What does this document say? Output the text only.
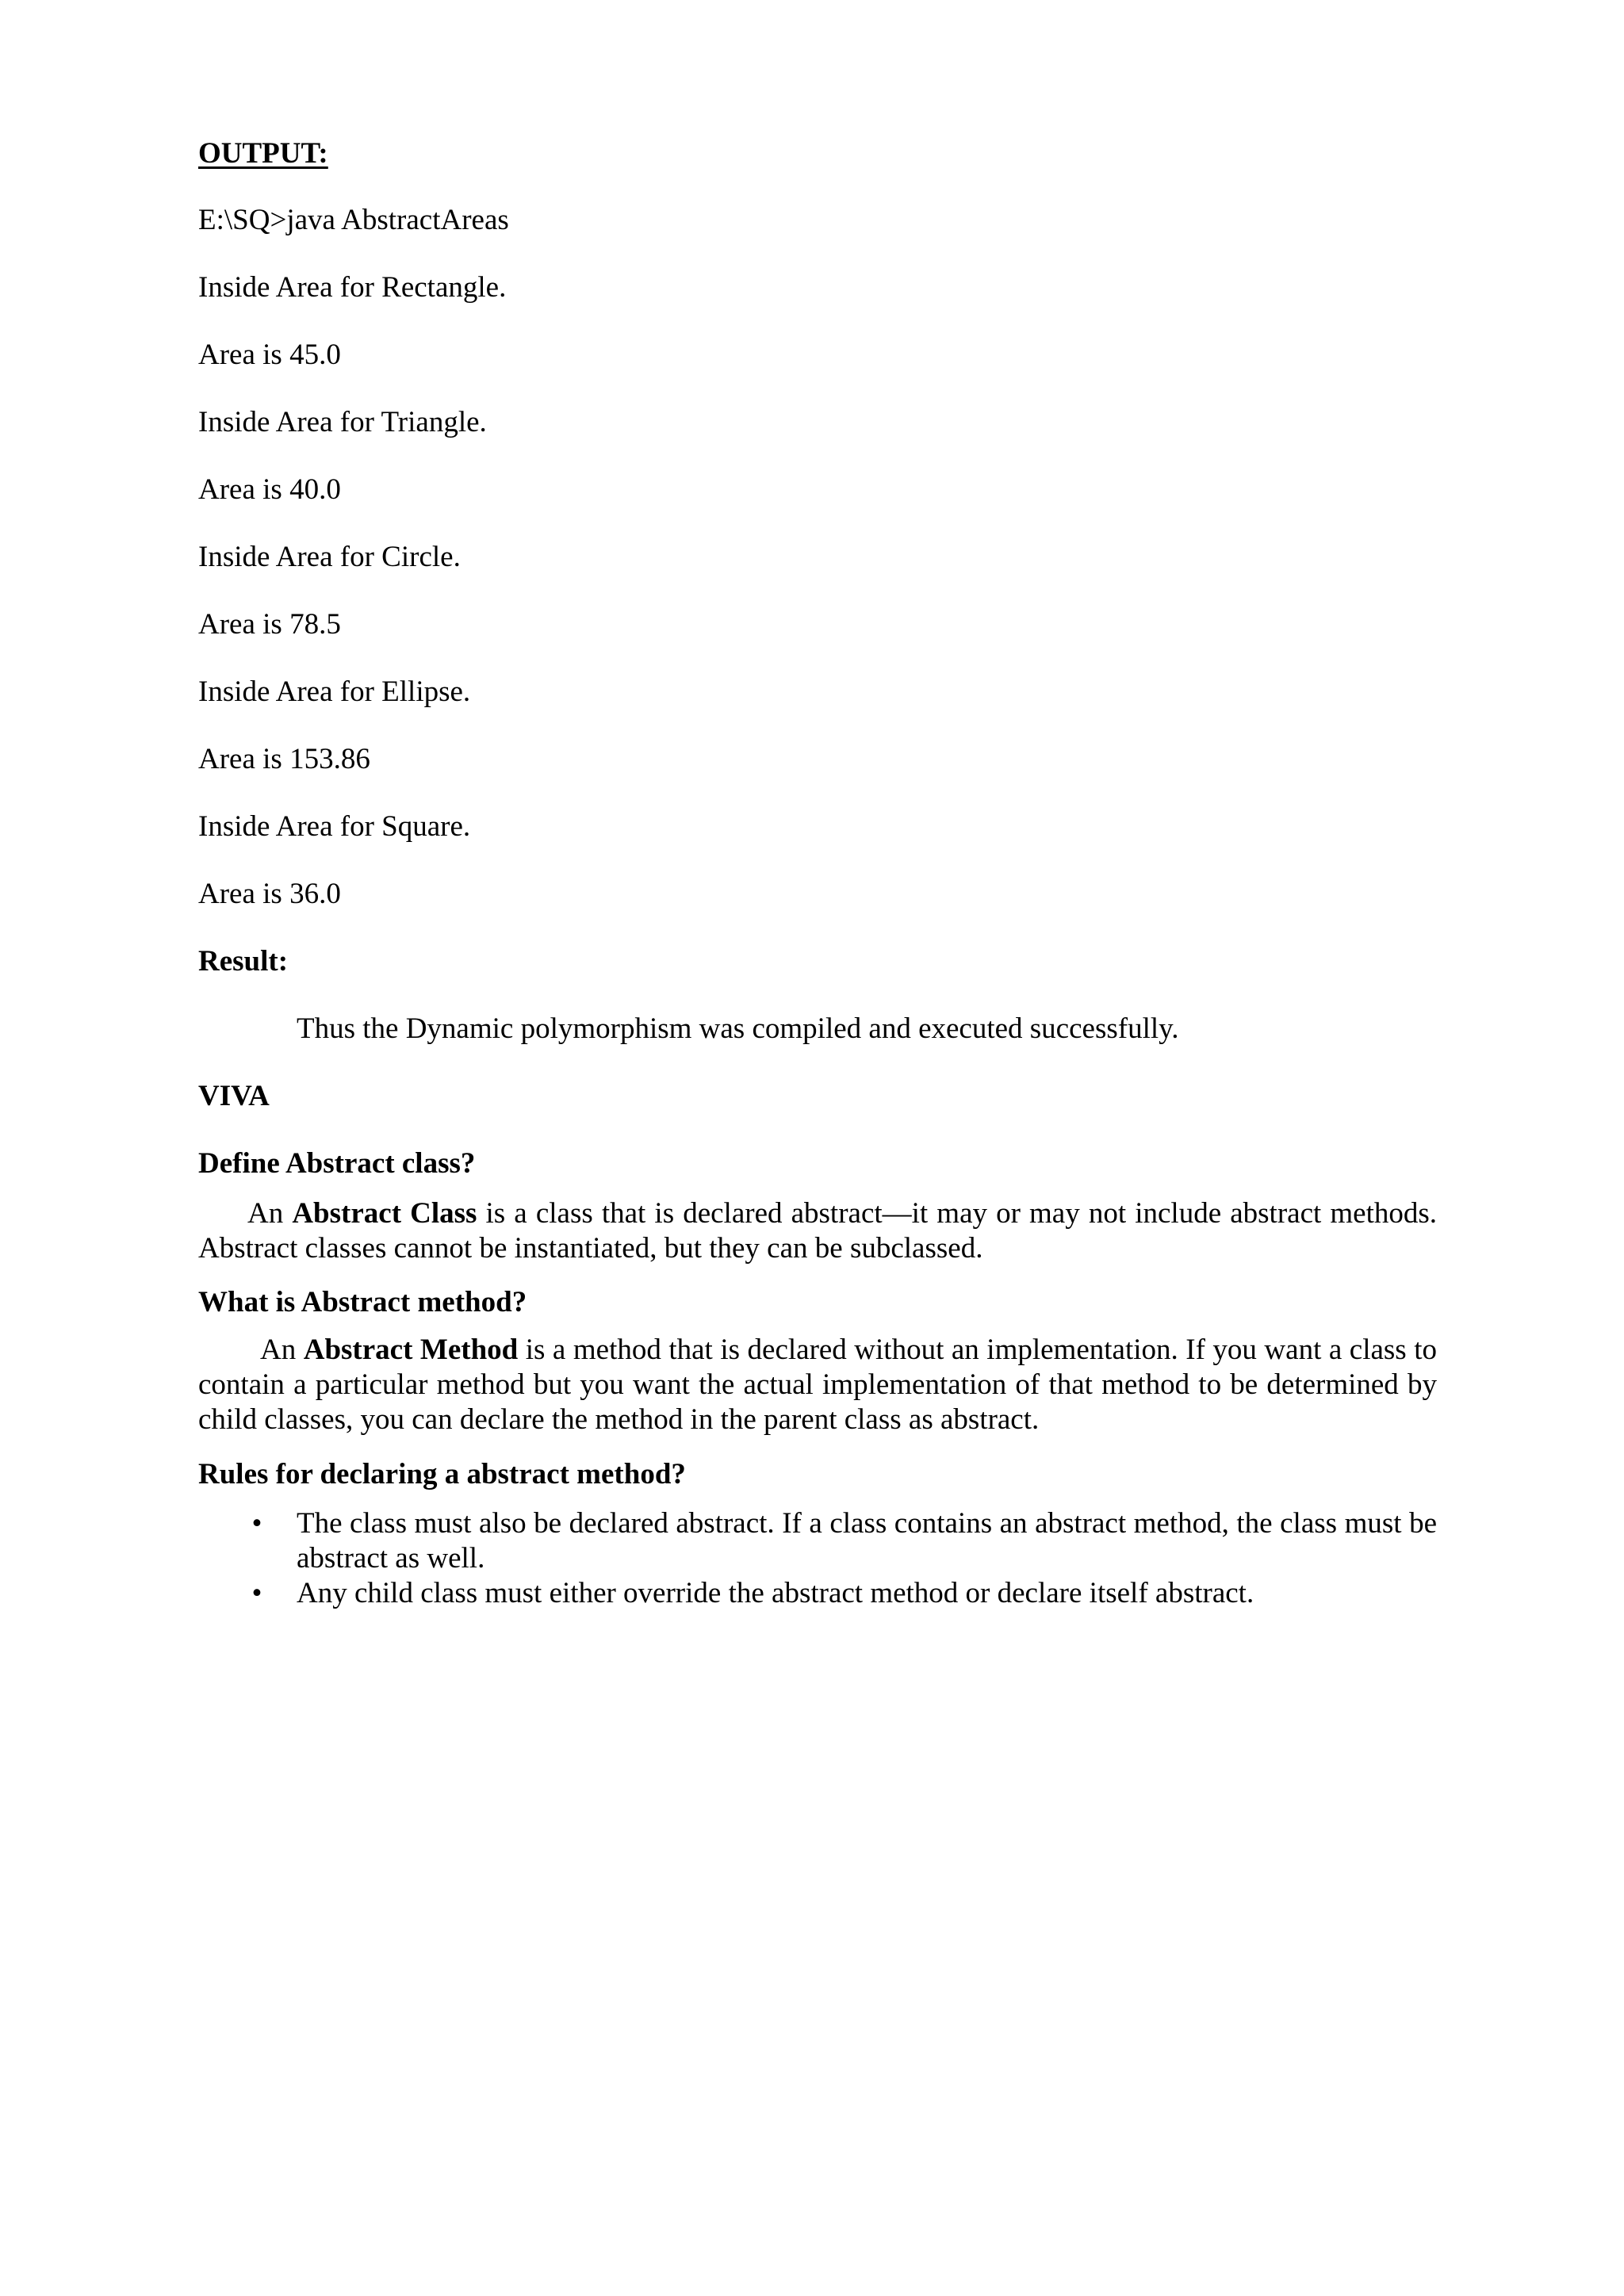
OUTPUT:
E:\SQ>java AbstractAreas
Inside Area for Rectangle.
Area is 45.0
Inside Area for Triangle.
Area is 40.0
Inside Area for Circle.
Area is 78.5
Inside Area for Ellipse.
Area is 153.86
Inside Area for Square.
Area is 36.0
Result:
Thus the Dynamic polymorphism was compiled and executed successfully.
VIVA
Define Abstract class?
An Abstract Class is a class that is declared abstract—it may or may not include abstract methods. Abstract classes cannot be instantiated, but they can be subclassed.
What is Abstract method?
An Abstract Method is a method that is declared without an implementation. If you want a class to contain a particular method but you want the actual implementation of that method to be determined by child classes, you can declare the method in the parent class as abstract.
Rules for declaring a abstract method?
• The class must also be declared abstract. If a class contains an abstract method, the class must be abstract as well.
• Any child class must either override the abstract method or declare itself abstract.
